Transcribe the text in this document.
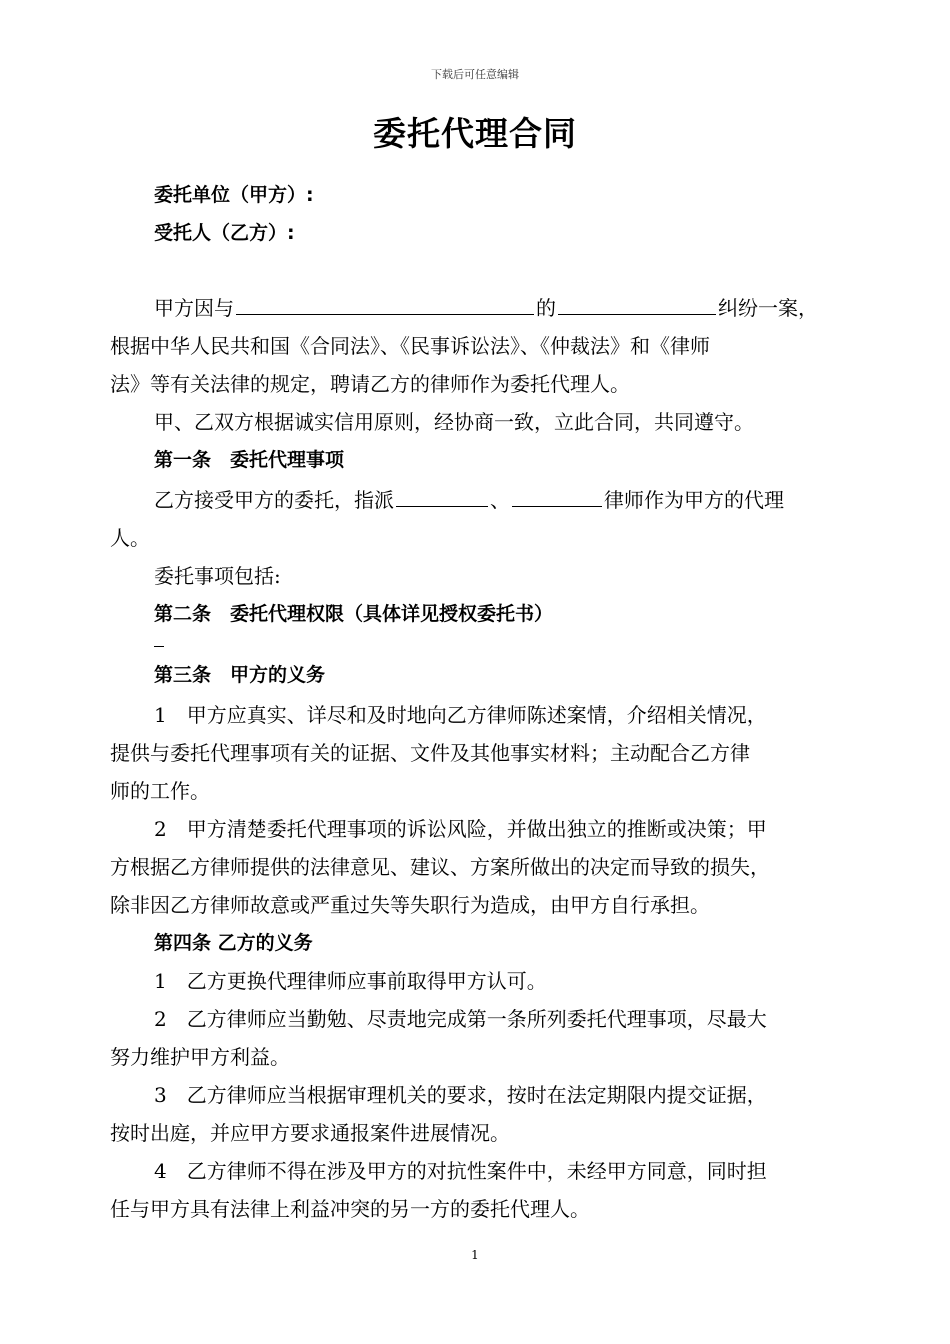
下载后可任意编辑
委托代理合同
委托单位（甲方）:
受托人（乙方）:
甲方因与	的	纠纷一案，
根据中华人民共和国《合同法》、《民事诉讼法》、《仲裁法》和《律师
法》等有关法律的规定，聘请乙方的律师作为委托代理人。
甲、乙双方根据诚实信用原则，经协商一致，立此合同，共同遵守。
第一条　委托代理事项
乙方接受甲方的委托，指派	、	律师作为甲方的代理
人。
委托事项包括:
第二条　委托代理权限（具体详见授权委托书）
第三条　甲方的义务
1　甲方应真实、详尽和及时地向乙方律师陈述案情，介绍相关情况，
提供与委托代理事项有关的证据、文件及其他事实材料；主动配合乙方律
师的工作。
2　甲方清楚委托代理事项的诉讼风险，并做出独立的推断或决策；甲
方根据乙方律师提供的法律意见、建议、方案所做出的决定而导致的损失，
除非因乙方律师故意或严重过失等失职行为造成，由甲方自行承担。
第四条 乙方的义务
1　乙方更换代理律师应事前取得甲方认可。
2　乙方律师应当勤勉、尽责地完成第一条所列委托代理事项，尽最大
努力维护甲方利益。
3　乙方律师应当根据审理机关的要求，按时在法定期限内提交证据，
按时出庭，并应甲方要求通报案件进展情况。
4　乙方律师不得在涉及甲方的对抗性案件中，未经甲方同意，同时担
任与甲方具有法律上利益冲突的另一方的委托代理人。
1
